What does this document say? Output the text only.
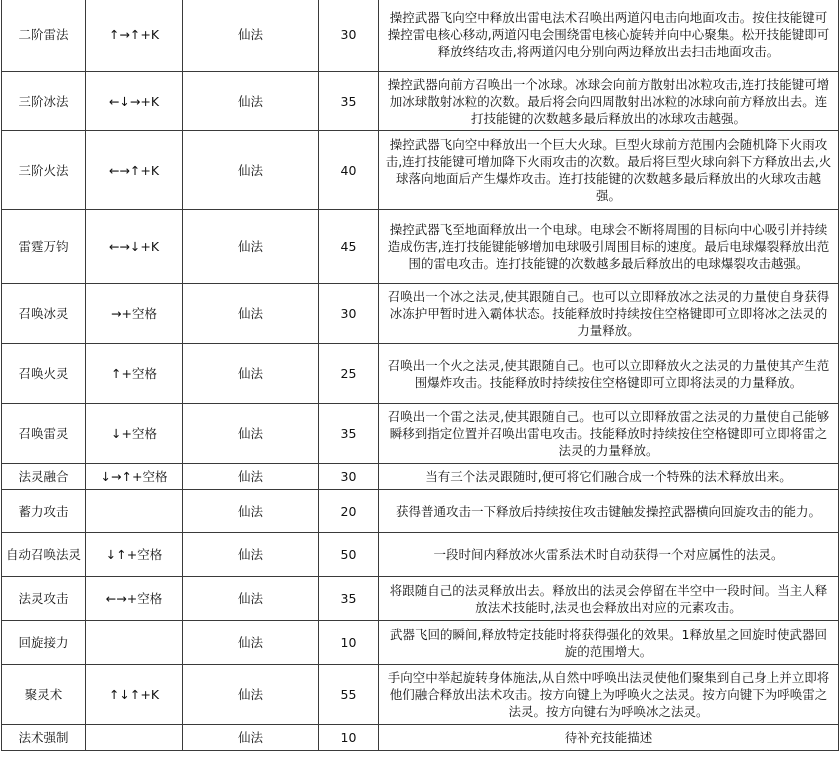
二阶雷法	↑→↑+K	仙法	30	操控武器飞向空中释放出雷电法术召唤出两道闪电击向地面攻击。按住技能键可操控雷电核心移动,两道闪电会围绕雷电核心旋转并向中心聚集。松开技能键即可释放终结攻击,将两道闪电分别向两边释放出去扫击地面攻击。
三阶冰法	←↓→+K	仙法	35	操控武器向前方召唤出一个冰球。冰球会向前方散射出冰粒攻击,连打技能键可增加冰球散射冰粒的次数。最后将会向四周散射出冰粒的冰球向前方释放出去。连打技能键的次数越多最后释放出的冰球攻击越强。
三阶火法	←→↑+K	仙法	40	操控武器飞向空中释放出一个巨大火球。巨型火球前方范围内会随机降下火雨攻击,连打技能键可增加降下火雨攻击的次数。最后将巨型火球向斜下方释放出去,火球落向地面后产生爆炸攻击。连打技能键的次数越多最后释放出的火球攻击越强。
雷霆万钧	←→↓+K	仙法	45	操控武器飞至地面释放出一个电球。电球会不断将周围的目标向中心吸引并持续造成伤害,连打技能键能够增加电球吸引周围目标的速度。最后电球爆裂释放出范围的雷电攻击。连打技能键的次数越多最后释放出的电球爆裂攻击越强。
召唤冰灵	→+空格	仙法	30	召唤出一个冰之法灵,使其跟随自己。也可以立即释放冰之法灵的力量使自身获得冰冻护甲暂时进入霸体状态。技能释放时持续按住空格键即可立即将冰之法灵的力量释放。
召唤火灵	↑+空格	仙法	25	召唤出一个火之法灵,使其跟随自己。也可以立即释放火之法灵的力量使其产生范围爆炸攻击。技能释放时持续按住空格键即可立即将法灵的力量释放。
召唤雷灵	↓+空格	仙法	35	召唤出一个雷之法灵,使其跟随自己。也可以立即释放雷之法灵的力量使自己能够瞬移到指定位置并召唤出雷电攻击。技能释放时持续按住空格键即可立即将雷之法灵的力量释放。
法灵融合	↓→↑+空格	仙法	30	当有三个法灵跟随时,便可将它们融合成一个特殊的法术释放出来。
蓄力攻击		仙法	20	获得普通攻击一下释放后持续按住攻击键触发操控武器横向回旋攻击的能力。
自动召唤法灵	↓↑+空格	仙法	50	一段时间内释放冰火雷系法术时自动获得一个对应属性的法灵。
法灵攻击	←→+空格	仙法	35	将跟随自己的法灵释放出去。释放出的法灵会停留在半空中一段时间。当主人释放法术技能时,法灵也会释放出对应的元素攻击。
回旋接力		仙法	10	武器飞回的瞬间,释放特定技能时将获得强化的效果。1释放星之回旋时使武器回旋的范围增大。
聚灵术	↑↓↑+K	仙法	55	手向空中举起旋转身体施法,从自然中呼唤出法灵使他们聚集到自己身上并立即将他们融合释放出法术攻击。按方向键上为呼唤火之法灵。按方向键下为呼唤雷之法灵。按方向键右为呼唤冰之法灵。
法术强制		仙法	10	待补充技能描述
